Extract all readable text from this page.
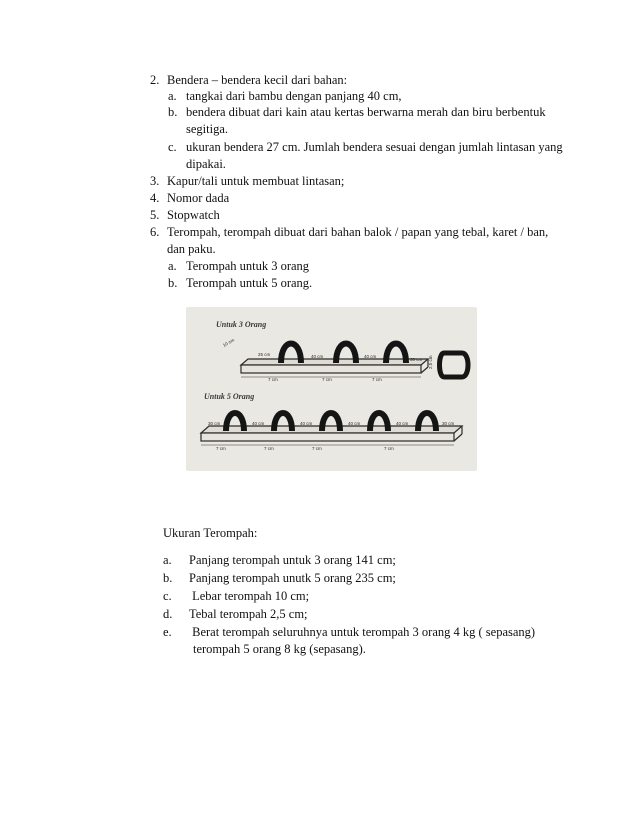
2. Bendera – bendera kecil dari bahan:
a. tangkai dari bambu dengan panjang 40 cm,
b. bendera dibuat dari kain atau kertas berwarna merah dan biru berbentuk
segitiga.
c. ukuran bendera 27 cm. Jumlah bendera sesuai dengan jumlah lintasan yang
dipakai.
3. Kapur/tali untuk membuat lintasan;
4. Nomor dada
5. Stopwatch
6. Terompah, terompah dibuat dari bahan balok / papan yang tebal, karet / ban,
dan paku.
a. Terompah untuk 3 orang
b. Terompah untuk 5 orang.
Untuk 3 Orang
25 cm	40 cm	40 cm
30 cm
7 cm	7 cm	7 cm
10 cm
2,5 cm
Untuk 5 Orang
30 cm	40 cm	40 cm	40 cm	40 cm	30 cm
7 cm	7 cm	7 cm	7 cm
Ukuran Terompah:
a. Panjang terompah untuk 3 orang 141 cm;
b. Panjang terompah unutk 5 orang 235 cm;
c. Lebar terompah 10 cm;
d. Tebal terompah 2,5 cm;
e. Berat terompah seluruhnya untuk terompah 3 orang 4 kg ( sepasang)
terompah 5 orang 8 kg (sepasang).
